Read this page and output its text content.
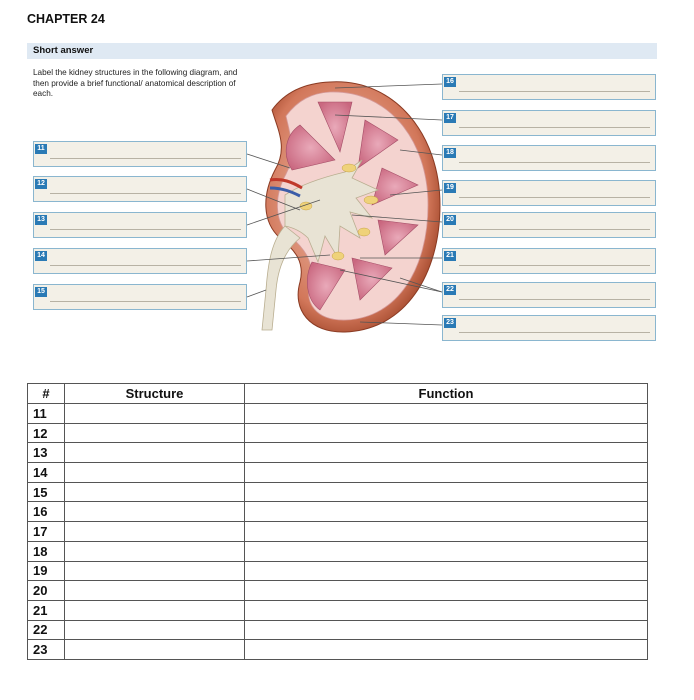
CHAPTER 24
Short answer
Label the kidney structures in the following diagram, and then provide a brief functional/ anatomical description of each.
11
12
13
14
15
16
17
18
19
20
21
22
23
#	Structure	Function
11		
12		
13		
14		
15		
16		
17		
18		
19		
20		
21		
22		
23		
